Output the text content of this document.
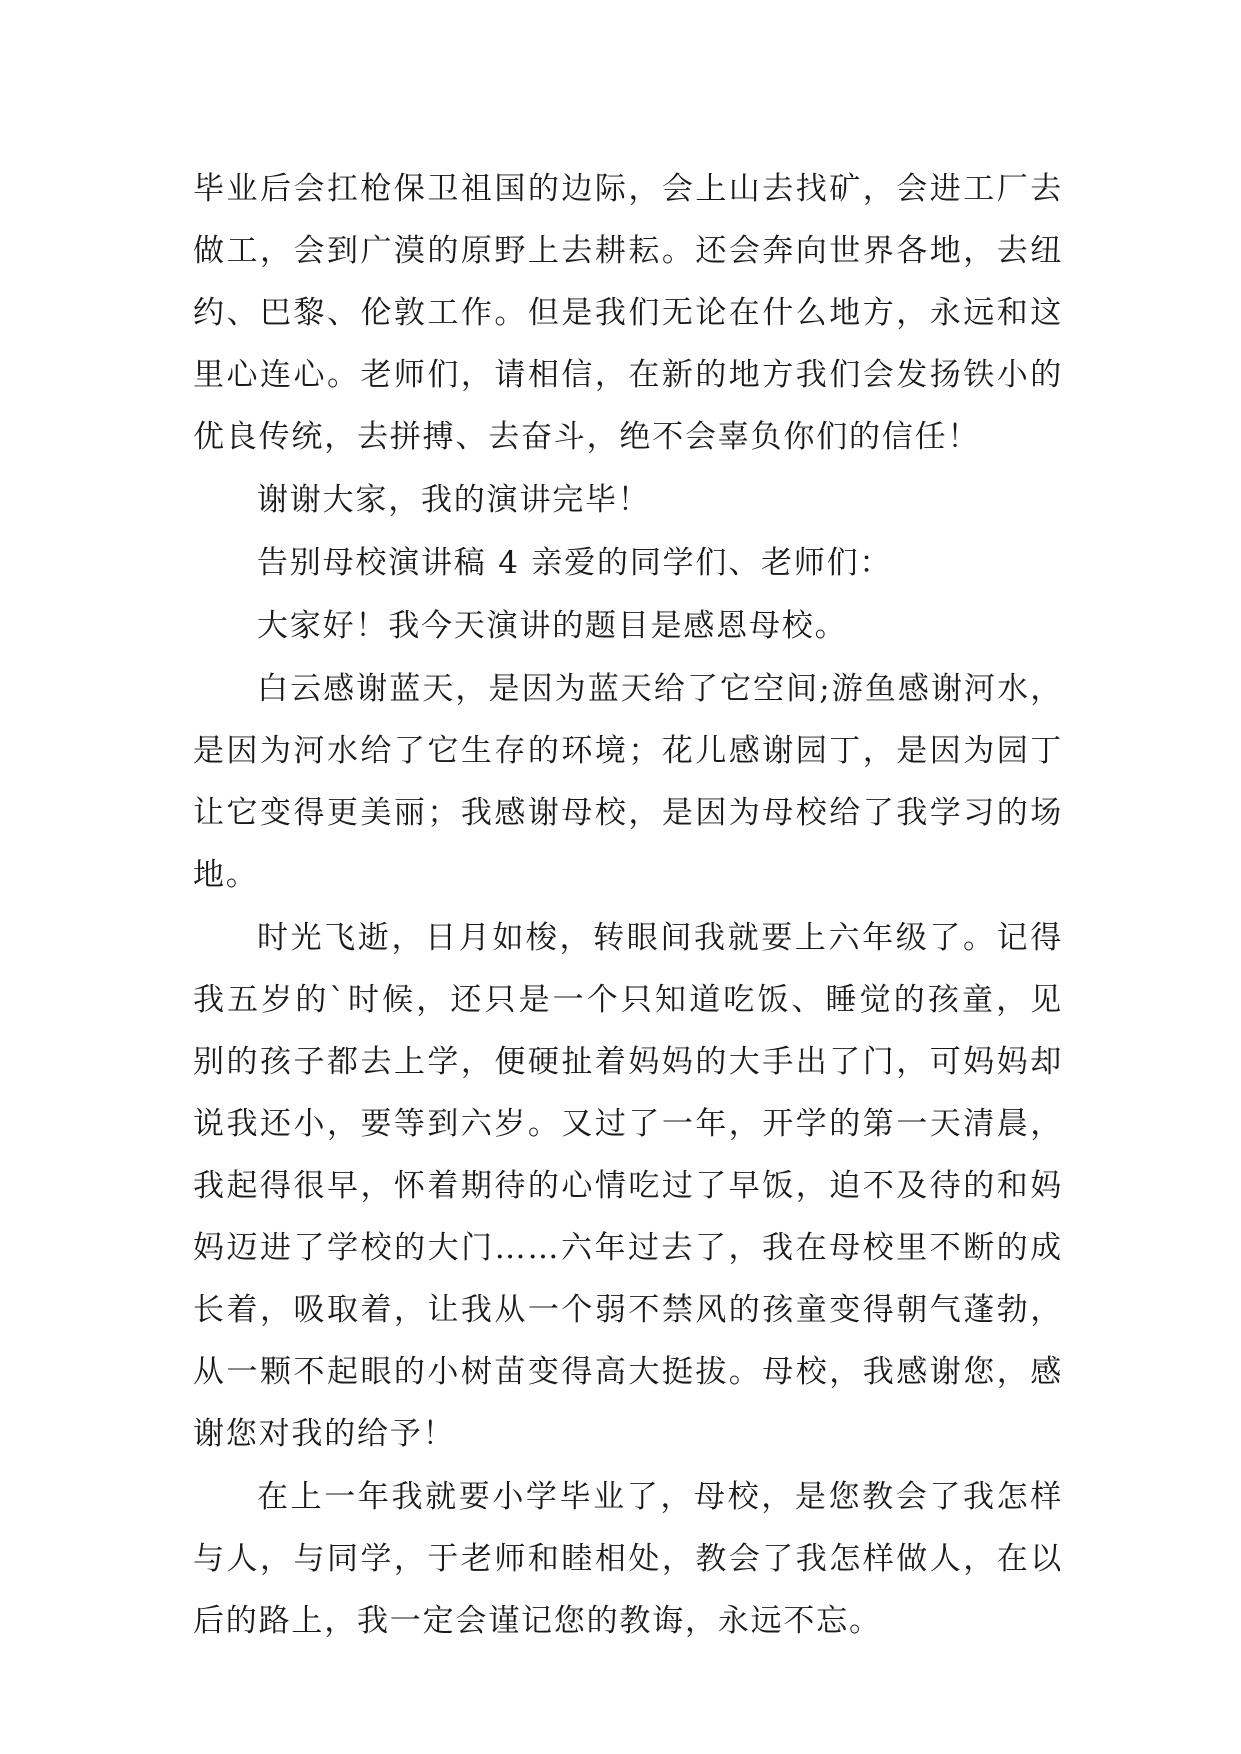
毕业后会扛枪保卫祖国的边际，会上山去找矿，会进工厂去做工，会到广漠的原野上去耕耘。还会奔向世界各地，去纽约、巴黎、伦敦工作。但是我们无论在什么地方，永远和这里心连心。老师们，请相信，在新的地方我们会发扬铁小的优良传统，去拼搏、去奋斗，绝不会辜负你们的信任！

谢谢大家，我的演讲完毕！

告别母校演讲稿 4 亲爱的同学们、老师们：

大家好！我今天演讲的题目是感恩母校。

白云感谢蓝天，是因为蓝天给了它空间;游鱼感谢河水，是因为河水给了它生存的环境；花儿感谢园丁，是因为园丁让它变得更美丽；我感谢母校，是因为母校给了我学习的场地。

时光飞逝，日月如梭，转眼间我就要上六年级了。记得我五岁的`时候，还只是一个只知道吃饭、睡觉的孩童，见别的孩子都去上学，便硬扯着妈妈的大手出了门，可妈妈却说我还小，要等到六岁。又过了一年，开学的第一天清晨，我起得很早，怀着期待的心情吃过了早饭，迫不及待的和妈妈迈进了学校的大门……六年过去了，我在母校里不断的成长着，吸取着，让我从一个弱不禁风的孩童变得朝气蓬勃，从一颗不起眼的小树苗变得高大挺拔。母校，我感谢您，感谢您对我的给予！

在上一年我就要小学毕业了，母校，是您教会了我怎样与人，与同学，于老师和睦相处，教会了我怎样做人，在以后的路上，我一定会谨记您的教诲，永远不忘。
